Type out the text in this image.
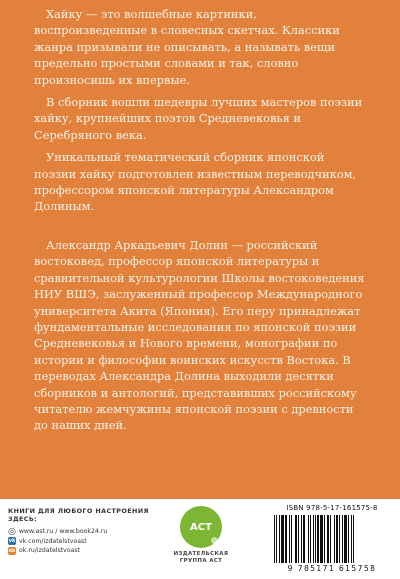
Хайку — это волшебные картинки, воспроизведенные в словесных скетчах. Классики жанра призывали не описывать, а называть вещи предельно простыми словами и так, словно произносишь их впервые.

В сборник вошли шедевры лучших мастеров поэзии хайку, крупнейших поэтов Средневековья и Серебряного века.

Уникальный тематический сборник японской поэзии хайку подготовлен известным переводчиком, профессором японской литературы Александром Долиным.

Александр Аркадьевич Долин — российский востоковед, профессор японской литературы и сравнительной культурологии Школы востоковедения НИУ ВШЭ, заслуженный профессор Международного университета Акита (Япония). Его перу принадлежат фундаментальные исследования по японской поэзии Средневековья и Нового времени, монографии по истории и философии воинских искусств Востока. В переводах Александра Долина выходили десятки сборников и антологий, представивших российскому читателю жемчужины японской поэзии с древности до наших дней.

КНИГИ ДЛЯ ЛЮБОГО НАСТРОЕНИЯ ЗДЕСЬ:
◎ www.ast.ru / www.book24.ru
vk vk.com/izdatelstvoast
ok ok.ru/izdatelstvoast
АСТ
ИЗДАТЕЛЬСКАЯ ГРУППА АСТ
ISBN 978-5-17-161575-8
9 785171 615758
